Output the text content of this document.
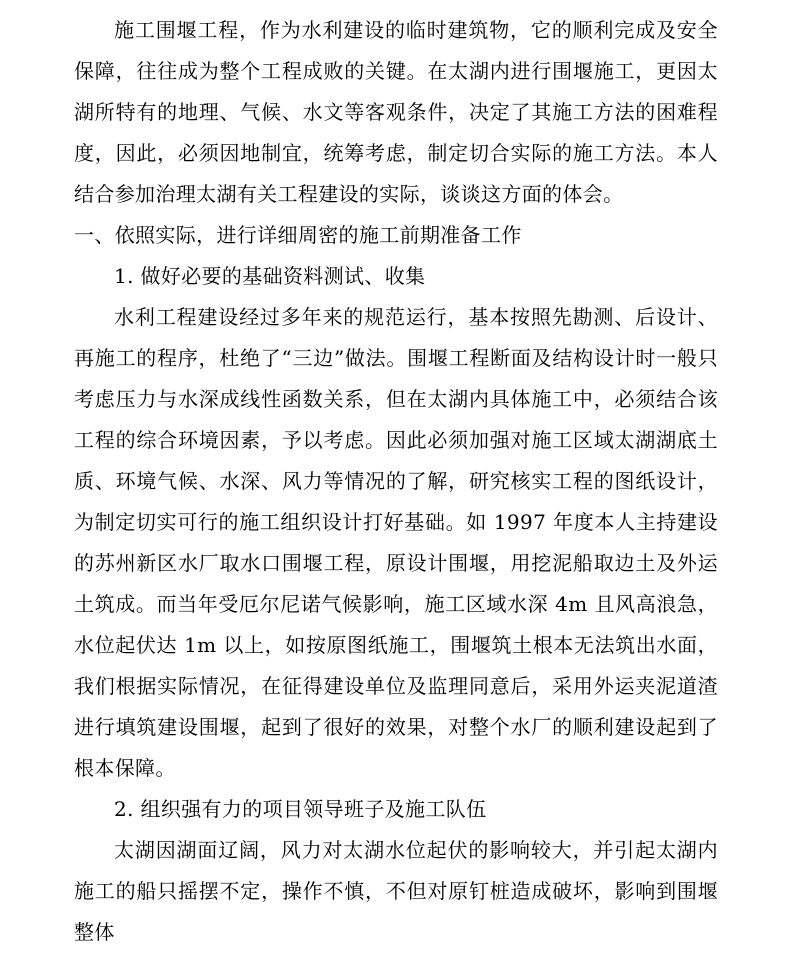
施工围堰工程，作为水利建设的临时建筑物，它的顺利完成及安全保障，往往成为整个工程成败的关键。在太湖内进行围堰施工，更因太湖所特有的地理、气候、水文等客观条件，决定了其施工方法的困难程度，因此，必须因地制宜，统筹考虑，制定切合实际的施工方法。本人结合参加治理太湖有关工程建设的实际，谈谈这方面的体会。

一、依照实际，进行详细周密的施工前期准备工作

1. 做好必要的基础资料测试、收集

水利工程建设经过多年来的规范运行，基本按照先勘测、后设计、再施工的程序，杜绝了“三边”做法。围堰工程断面及结构设计时一般只考虑压力与水深成线性函数关系，但在太湖内具体施工中，必须结合该工程的综合环境因素，予以考虑。因此必须加强对施工区域太湖湖底土质、环境气候、水深、风力等情况的了解，研究核实工程的图纸设计，为制定切实可行的施工组织设计打好基础。如 1997 年度本人主持建设的苏州新区水厂取水口围堰工程，原设计围堰，用挖泥船取边土及外运土筑成。而当年受厄尔尼诺气候影响，施工区域水深 4m 且风高浪急，水位起伏达 1m 以上，如按原图纸施工，围堰筑土根本无法筑出水面，我们根据实际情况，在征得建设单位及监理同意后，采用外运夹泥道渣进行填筑建设围堰，起到了很好的效果，对整个水厂的顺利建设起到了根本保障。

2. 组织强有力的项目领导班子及施工队伍

太湖因湖面辽阔，风力对太湖水位起伏的影响较大，并引起太湖内施工的船只摇摆不定，操作不慎，不但对原钉桩造成破坏，影响到围堰整体
